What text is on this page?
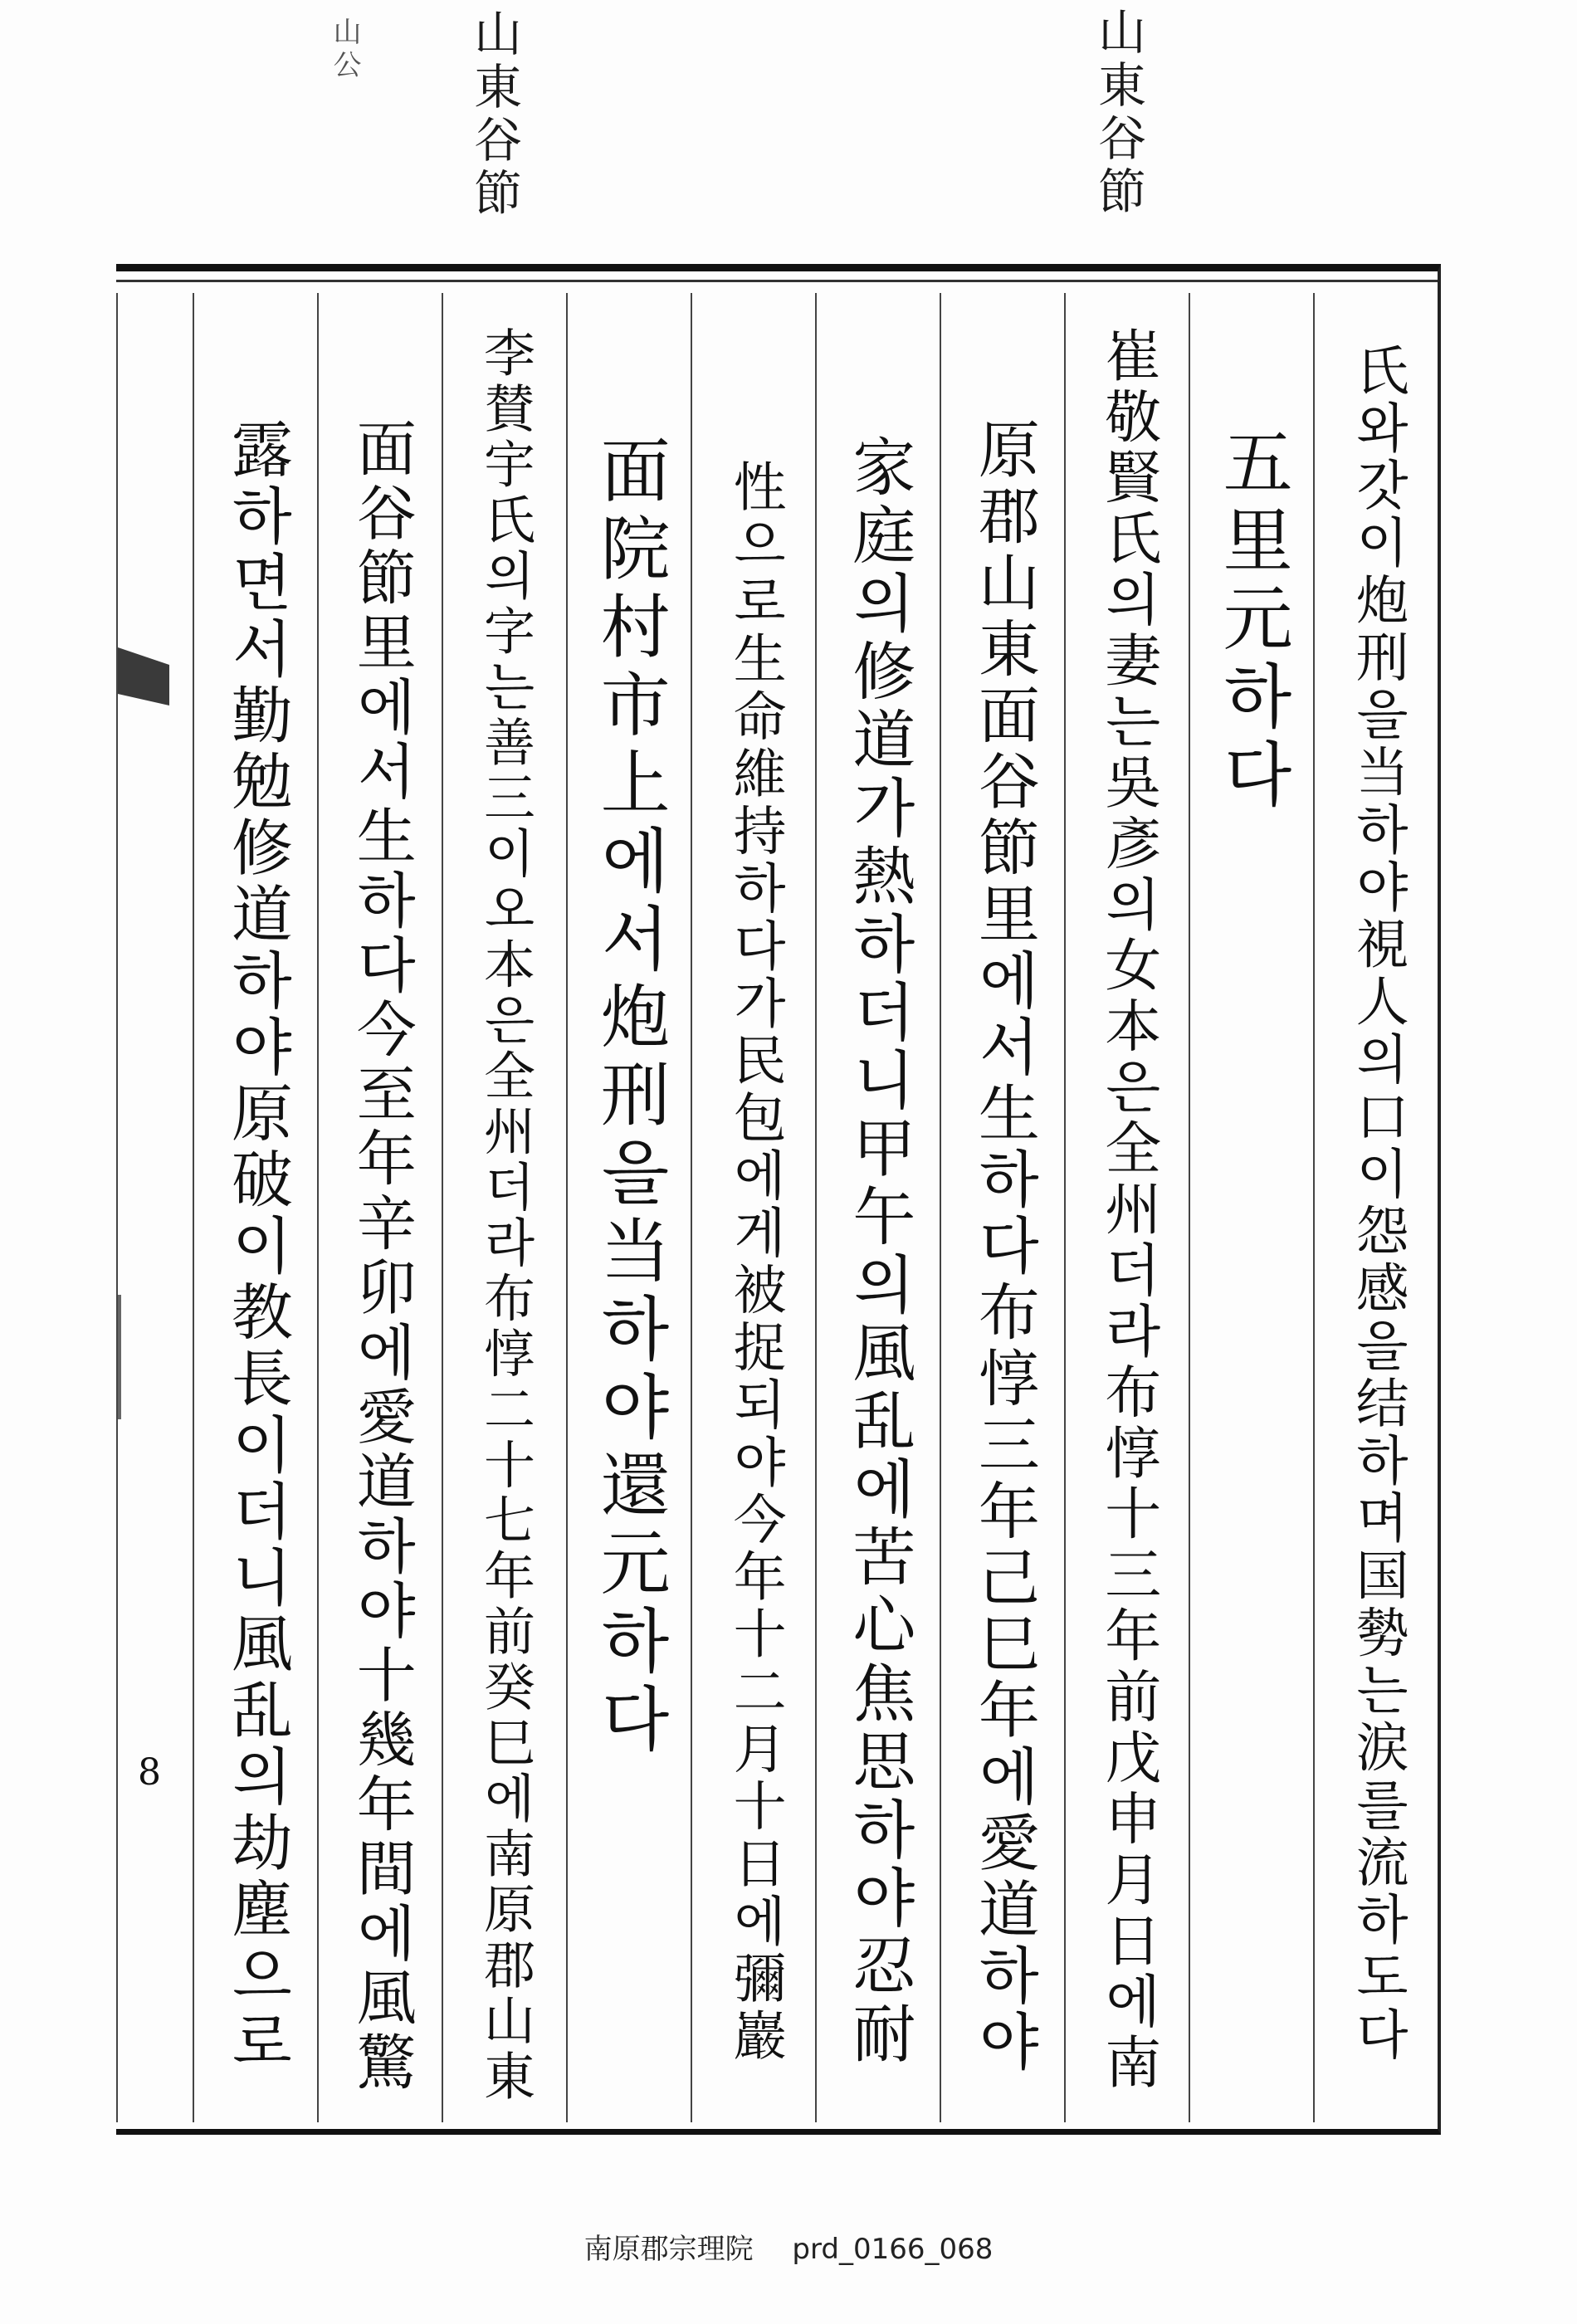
山公 山東谷節	山東谷節
8	氏와갓이炮刑을当하야視人의口이怨感을结하며国勢는涙를流하도다
五里元하다
崔敬賢氏의妻는吳彥의女本은全州더라布惇十三年前戊申月日에南
原郡山東面谷節里에서生하다布惇三年己巳年에愛道하야
家庭의修道가熱하더니甲午의風乱에苦心焦思하야忍耐
性으로生命維持하다가民包에게被捉되야今年十二月十日에彌巖
面院村市上에서炮刑을当하야還元하다
李賛宇氏의字는善三이오本은全州더라布惇二十七年前癸巳에南原郡山東
面谷節里에서生하다今至年辛卯에愛道하야十幾年間에風驚
露하면서勤勉修道하야原破이教長이더니風乱의劫塵으로
南原郡宗理院 prd_0166_068
